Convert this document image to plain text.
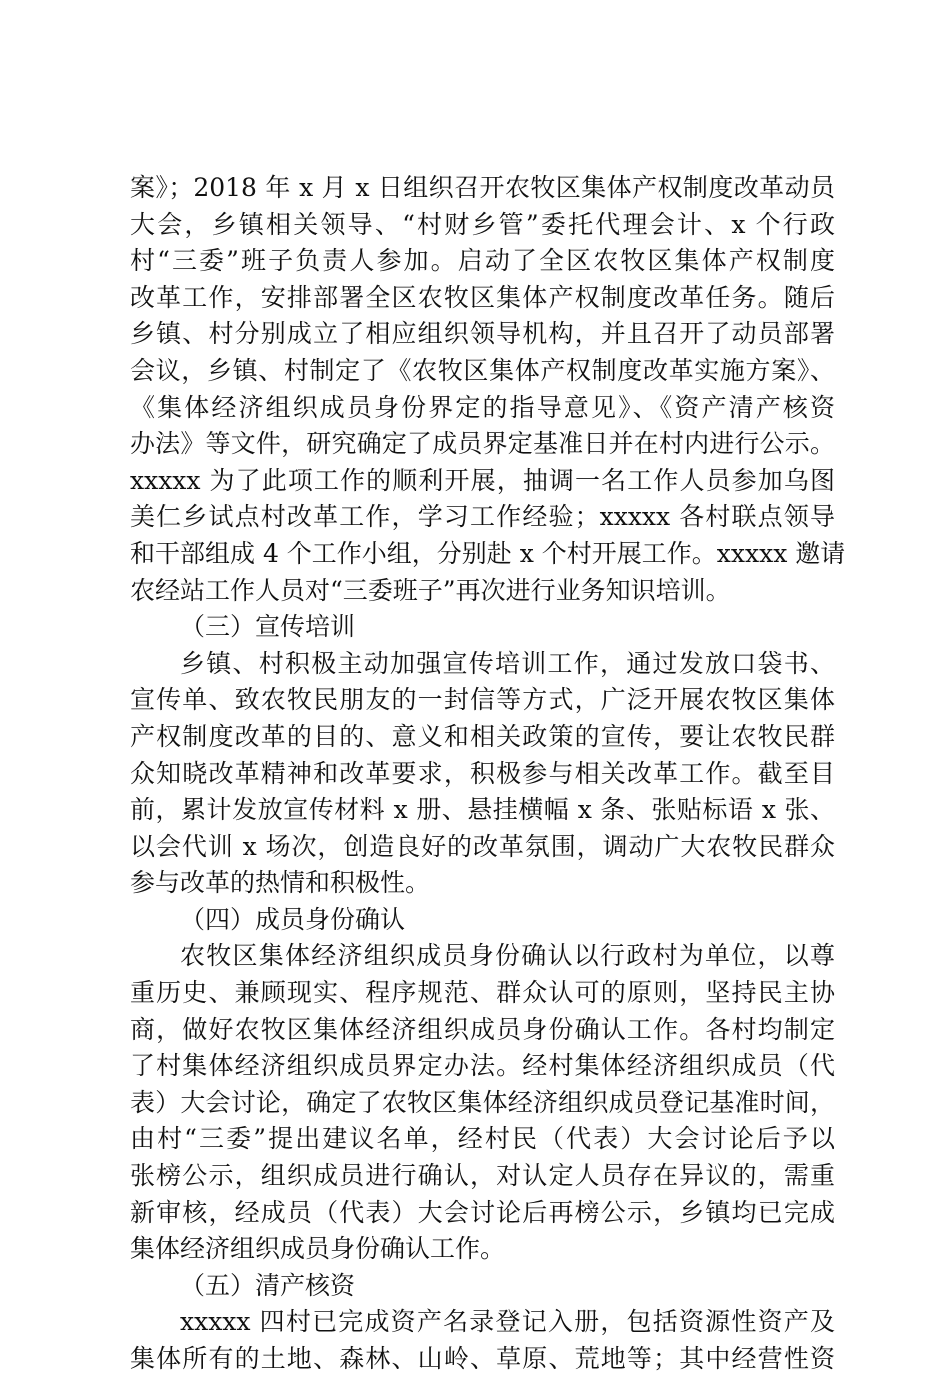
案》；2018 年 x 月 x 日组织召开农牧区集体产权制度改革动员
大会，乡镇相关领导、“村财乡管”委托代理会计、x 个行政
村“三委”班子负责人参加。启动了全区农牧区集体产权制度
改革工作，安排部署全区农牧区集体产权制度改革任务。随后
乡镇、村分别成立了相应组织领导机构，并且召开了动员部署
会议，乡镇、村制定了《农牧区集体产权制度改革实施方案》、
《集体经济组织成员身份界定的指导意见》、《资产清产核资
办法》等文件，研究确定了成员界定基准日并在村内进行公示。
xxxxx 为了此项工作的顺利开展，抽调一名工作人员参加乌图
美仁乡试点村改革工作，学习工作经验；xxxxx 各村联点领导
和干部组成 4 个工作小组，分别赴 x 个村开展工作。xxxxx 邀请
农经站工作人员对“三委班子”再次进行业务知识培训。
（三）宣传培训
乡镇、村积极主动加强宣传培训工作，通过发放口袋书、
宣传单、致农牧民朋友的一封信等方式，广泛开展农牧区集体
产权制度改革的目的、意义和相关政策的宣传，要让农牧民群
众知晓改革精神和改革要求，积极参与相关改革工作。截至目
前，累计发放宣传材料 x 册、悬挂横幅 x 条、张贴标语 x 张、
以会代训 x 场次，创造良好的改革氛围，调动广大农牧民群众
参与改革的热情和积极性。
（四）成员身份确认
农牧区集体经济组织成员身份确认以行政村为单位，以尊
重历史、兼顾现实、程序规范、群众认可的原则，坚持民主协
商，做好农牧区集体经济组织成员身份确认工作。各村均制定
了村集体经济组织成员界定办法。经村集体经济组织成员（代
表）大会讨论，确定了农牧区集体经济组织成员登记基准时间，
由村“三委”提出建议名单，经村民（代表）大会讨论后予以
张榜公示，组织成员进行确认，对认定人员存在异议的，需重
新审核，经成员（代表）大会讨论后再榜公示，乡镇均已完成
集体经济组织成员身份确认工作。
（五）清产核资
xxxxx 四村已完成资产名录登记入册，包括资源性资产及
集体所有的土地、森林、山岭、草原、荒地等；其中经营性资
